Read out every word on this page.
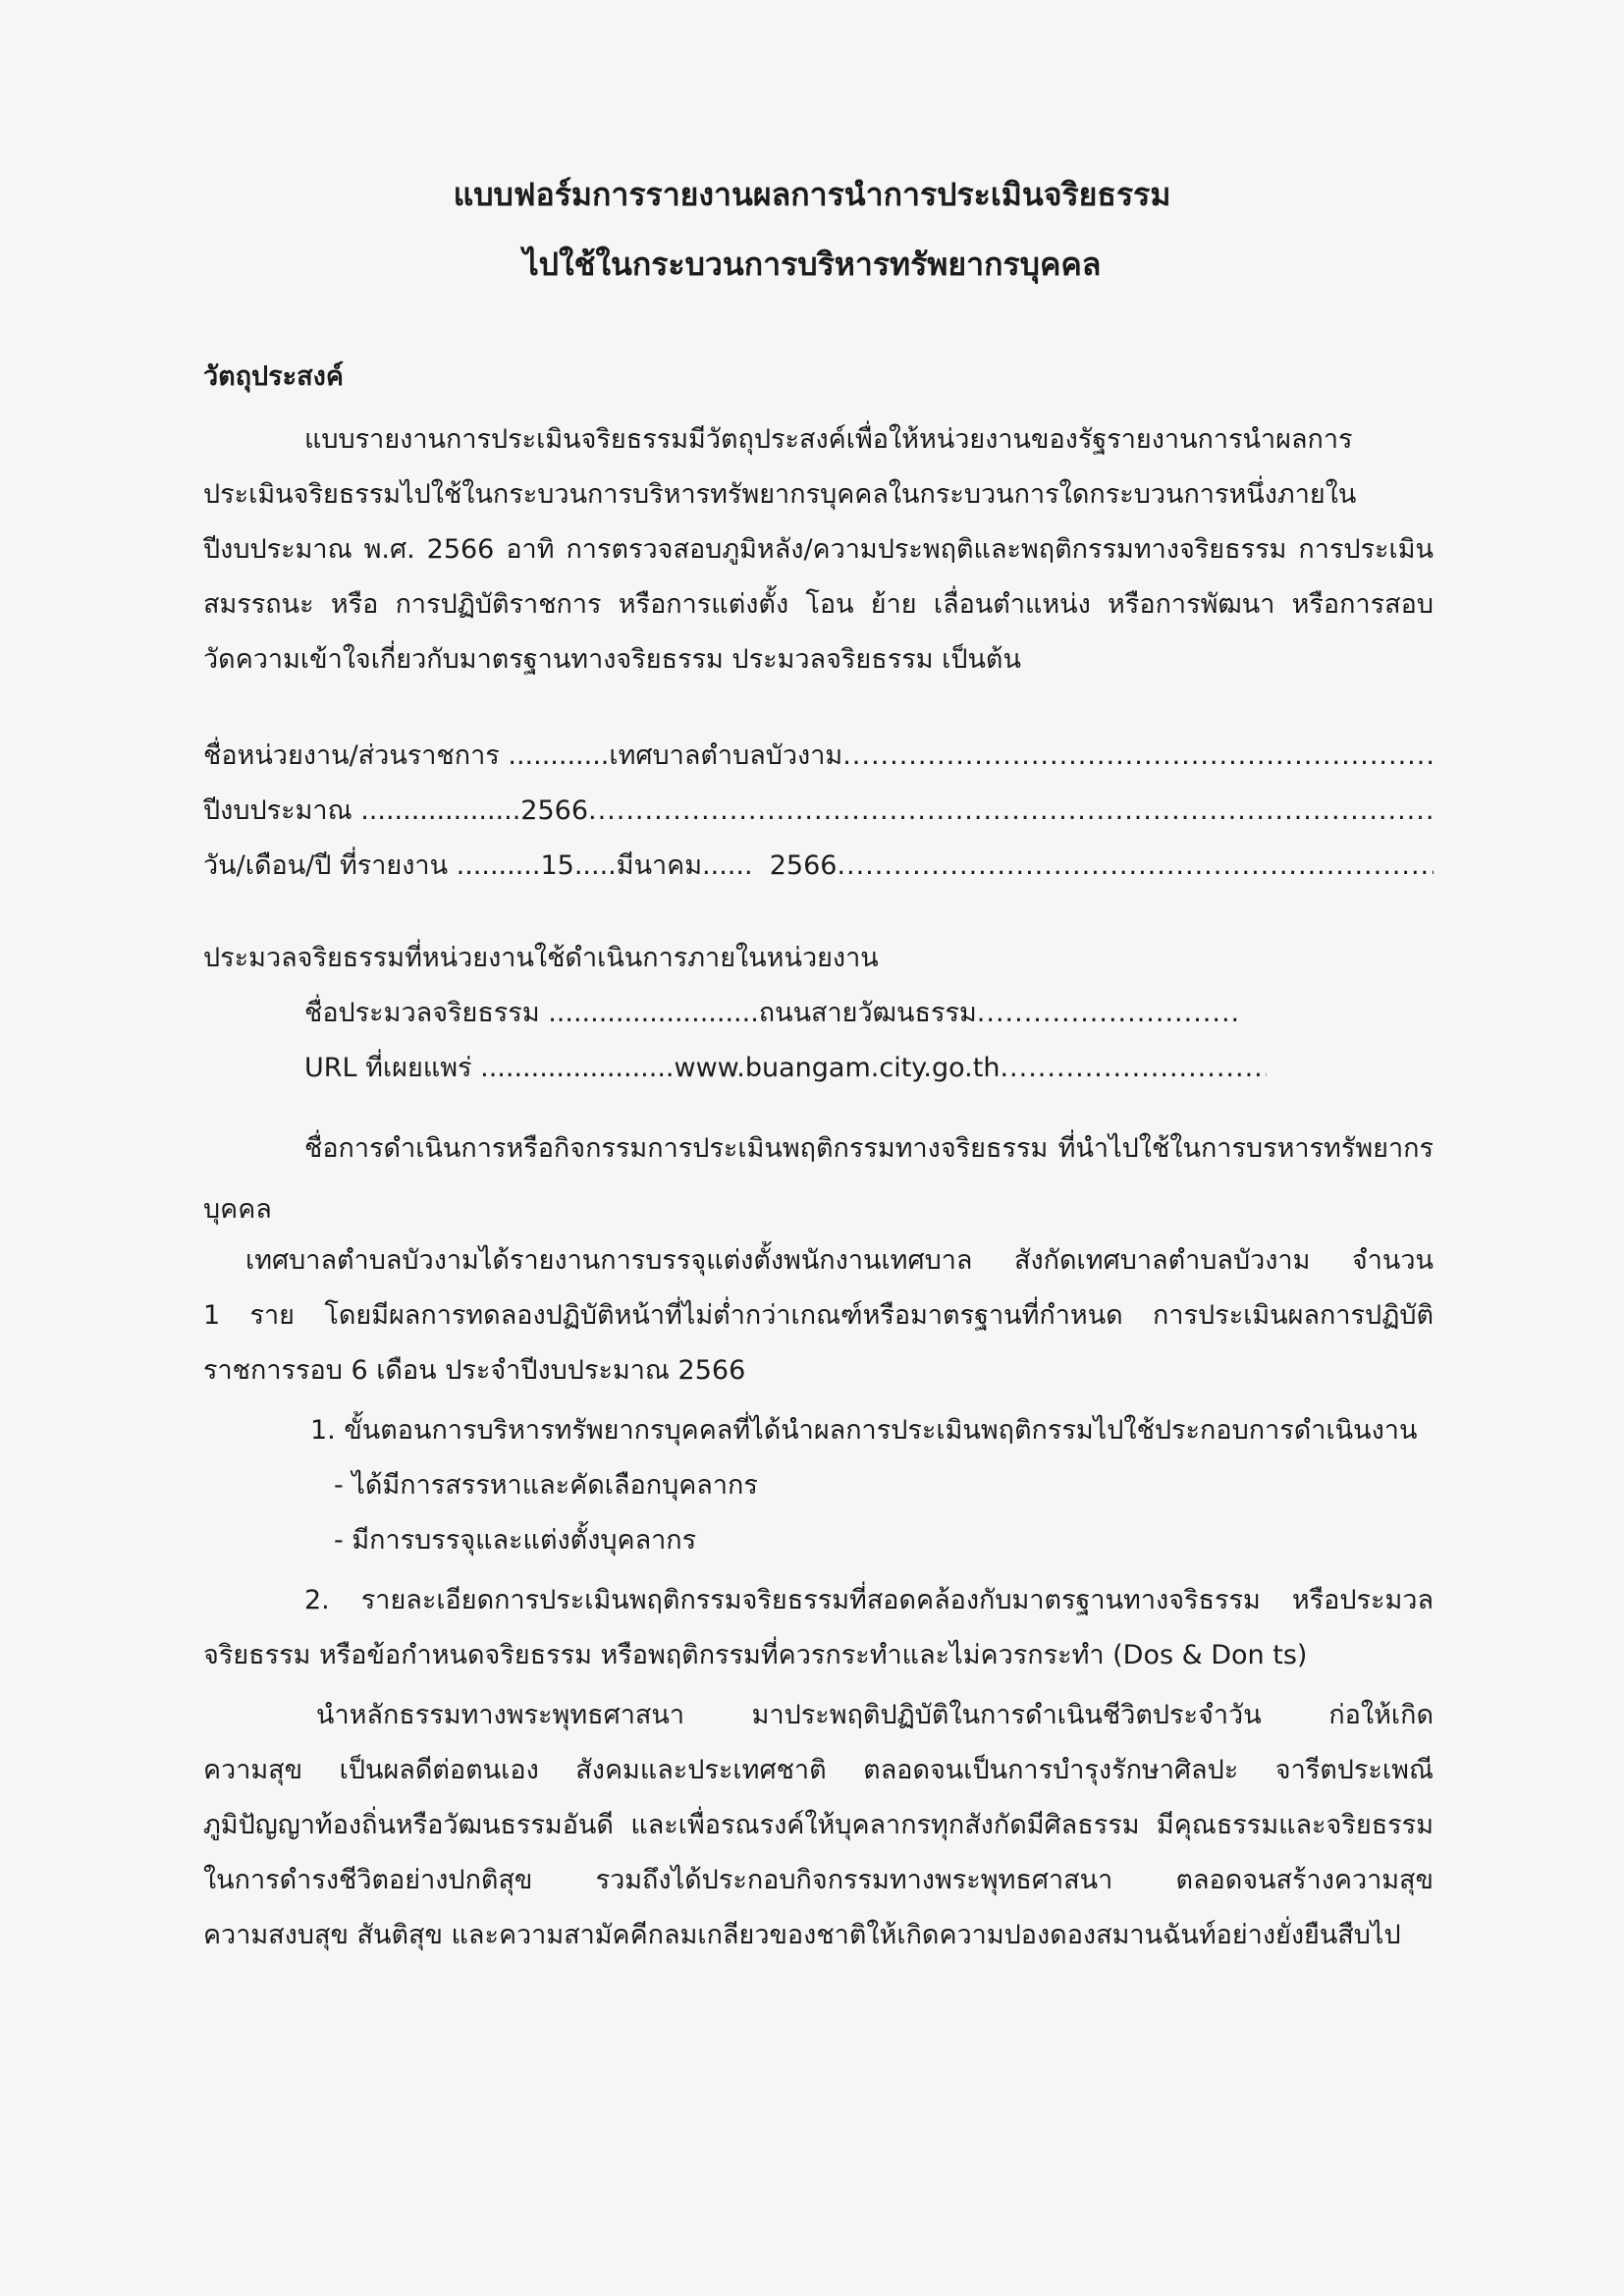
แบบฟอร์มการรายงานผลการนำการประเมินจริยธรรม
ไปใช้ในกระบวนการบริหารทรัพยากรบุคคล
วัตถุประสงค์
แบบรายงานการประเมินจริยธรรมมีวัตถุประสงค์เพื่อให้หน่วยงานของรัฐรายงานการนำผลการ
ประเมินจริยธรรมไปใช้ในกระบวนการบริหารทรัพยากรบุคคลในกระบวนการใดกระบวนการหนึ่งภายใน
ปีงบประมาณ พ.ศ. 2566 อาทิ การตรวจสอบภูมิหลัง/ความประพฤติและพฤติกรรมทางจริยธรรม การประเมิน
สมรรถนะ หรือ การปฏิบัติราชการ หรือการแต่งตั้ง โอน ย้าย เลื่อนตำแหน่ง หรือการพัฒนา หรือการสอบ
วัดความเข้าใจเกี่ยวกับมาตรฐานทางจริยธรรม ประมวลจริยธรรม เป็นต้น
ชื่อหน่วยงาน/ส่วนราชการ ............ เทศบาลตำบลบัวงาม
.....
ปีงบประมาณ ................... 2566
.....
วัน/เดือน/ปี ที่รายงาน .......... 15 ..... มีนาคม ...... 2566
.....
ประมวลจริยธรรมที่หน่วยงานใช้ดำเนินการภายในหน่วยงาน
ชื่อประมวลจริยธรรม ......................... ถนนสายวัฒนธรรม
.....
URL ที่เผยแพร่ ....................... www.buangam.city.go.th
.....
ชื่อการดำเนินการหรือกิจกรรมการประเมินพฤติกรรมทางจริยธรรม ที่นำไปใช้ในการบรหารทรัพยากร
บุคคล
เทศบาลตำบลบัวงามได้รายงานการบรรจุแต่งตั้งพนักงานเทศบาล สังกัดเทศบาลตำบลบัวงาม จำนวน
1 ราย โดยมีผลการทดลองปฏิบัติหน้าที่ไม่ต่ำกว่าเกณฑ์หรือมาตรฐานที่กำหนด การประเมินผลการปฏิบัติ
ราชการรอบ 6 เดือน ประจำปีงบประมาณ 2566
1. ขั้นตอนการบริหารทรัพยากรบุคคลที่ได้นำผลการประเมินพฤติกรรมไปใช้ประกอบการดำเนินงาน
- ได้มีการสรรหาและคัดเลือกบุคลากร
- มีการบรรจุและแต่งตั้งบุคลากร
2. รายละเอียดการประเมินพฤติกรรมจริยธรรมที่สอดคล้องกับมาตรฐานทางจริธรรม หรือประมวล
จริยธรรม หรือข้อกำหนดจริยธรรม หรือพฤติกรรมที่ควรกระทำและไม่ควรกระทำ (Dos & Don ts)
นำหลักธรรมทางพระพุทธศาสนา มาประพฤติปฏิบัติในการดำเนินชีวิตประจำวัน ก่อให้เกิด
ความสุข เป็นผลดีต่อตนเอง สังคมและประเทศชาติ ตลอดจนเป็นการบำรุงรักษาศิลปะ จารีตประเพณี
ภูมิปัญญาท้องถิ่นหรือวัฒนธรรมอันดี และเพื่อรณรงค์ให้บุคลากรทุกสังกัดมีศิลธรรม มีคุณธรรมและจริยธรรม
ในการดำรงชีวิตอย่างปกติสุข รวมถึงได้ประกอบกิจกรรมทางพระพุทธศาสนา ตลอดจนสร้างความสุข
ความสงบสุข สันติสุข และความสามัคคีกลมเกลียวของชาติให้เกิดความปองดองสมานฉันท์อย่างยั่งยืนสืบไป
